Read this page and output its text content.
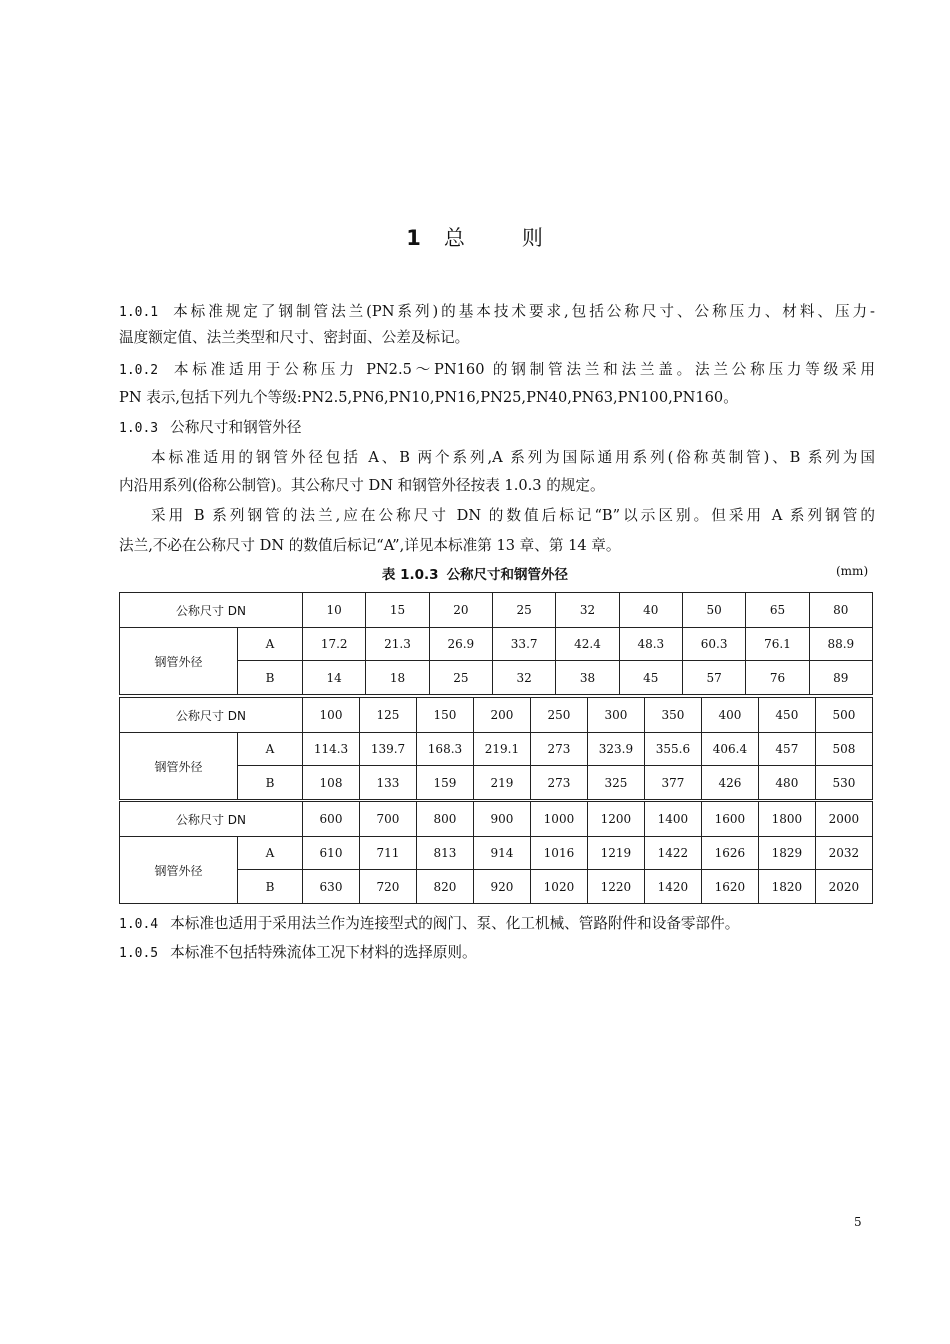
1 总	则
1.0.1 本标准规定了钢制管法兰(PN系列)的基本技术要求,包括公称尺寸、公称压力、材料、压力-
温度额定值、法兰类型和尺寸、密封面、公差及标记。
1.0.2 本标准适用于公称压力 PN2.5～PN160 的钢制管法兰和法兰盖。法兰公称压力等级采用
PN 表示,包括下列九个等级:PN2.5,PN6,PN10,PN16,PN25,PN40,PN63,PN100,PN160。
1.0.3 公称尺寸和钢管外径
本标准适用的钢管外径包括 A、B 两个系列,A 系列为国际通用系列(俗称英制管)、B 系列为国
内沿用系列(俗称公制管)。其公称尺寸 DN 和钢管外径按表 1.0.3 的规定。
采用 B 系列钢管的法兰,应在公称尺寸 DN 的数值后标记“B”以示区别。但采用 A 系列钢管的
法兰,不必在公称尺寸 DN 的数值后标记“A”,详见本标准第 13 章、第 14 章。
表 1.0.3 公称尺寸和钢管外径	(mm)
公称尺寸 DN		10	15	20	25	32	40	50	65	80
钢管外径	A	17.2	21.3	26.9	33.7	42.4	48.3	60.3	76.1	88.9
	B	14	18	25	32	38	45	57	76	89
公称尺寸 DN		100	125	150	200	250	300	350	400	450	500
钢管外径	A	114.3	139.7	168.3	219.1	273	323.9	355.6	406.4	457	508
	B	108	133	159	219	273	325	377	426	480	530
公称尺寸 DN		600	700	800	900	1000	1200	1400	1600	1800	2000
钢管外径	A	610	711	813	914	1016	1219	1422	1626	1829	2032
	B	630	720	820	920	1020	1220	1420	1620	1820	2020
1.0.4 本标准也适用于采用法兰作为连接型式的阀门、泵、化工机械、管路附件和设备零部件。
1.0.5 本标准不包括特殊流体工况下材料的选择原则。
5
